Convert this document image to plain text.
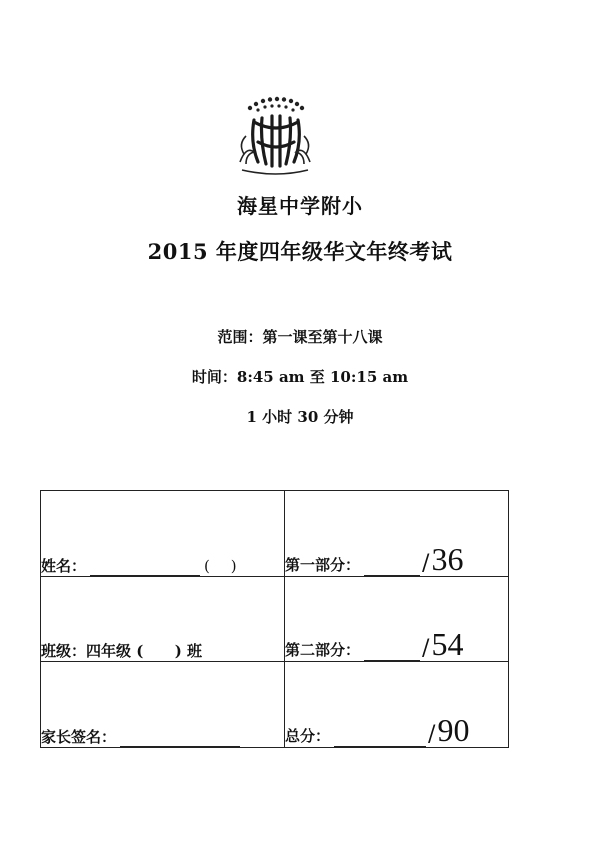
海星中学附小
2015 年度四年级华文年终考试
范围：第一课至第十八课
时间：8:45 am 至 10:15 am
1 小时 30 分钟
姓名： ( )	第一部分： /36
班级：四年级 ( ) 班	第二部分： /54
家长签名：	总分： /90
